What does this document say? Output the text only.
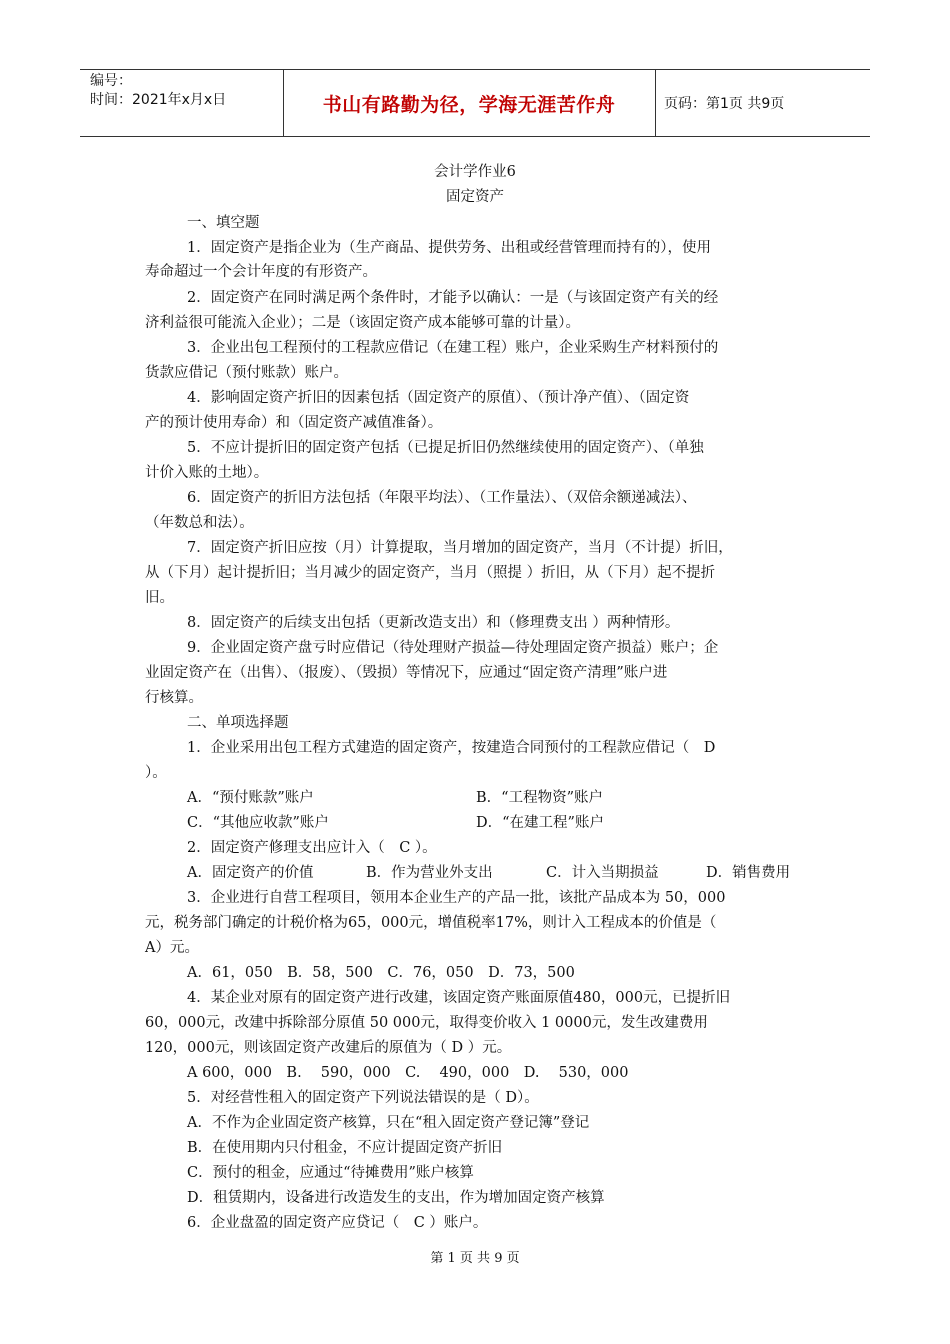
编号：
时间：2021年x月x日	书山有路勤为径，学海无涯苦作舟	页码：第1页 共9页
会计学作业6
固定资产
一、填空题
1．固定资产是指企业为（生产商品、提供劳务、出租或经营管理而持有的），使用
寿命超过一个会计年度的有形资产。
2．固定资产在同时满足两个条件时，才能予以确认：一是（与该固定资产有关的经
济利益很可能流入企业）；二是（该固定资产成本能够可靠的计量）。
3．企业出包工程预付的工程款应借记（在建工程）账户，企业采购生产材料预付的
货款应借记（预付账款）账户。
4．影响固定资产折旧的因素包括（固定资产的原值）、（预计净产值）、（固定资
产的预计使用寿命）和（固定资产减值准备）。
5．不应计提折旧的固定资产包括（已提足折旧仍然继续使用的固定资产）、（单独
计价入账的土地）。
6．固定资产的折旧方法包括（年限平均法）、（工作量法）、（双倍余额递减法）、
（年数总和法）。
7．固定资产折旧应按（月）计算提取，当月增加的固定资产，当月（不计提）折旧，
从（下月）起计提折旧；当月减少的固定资产，当月（照提 ）折旧，从（下月）起不提折
旧。
8．固定资产的后续支出包括（更新改造支出）和（修理费支出 ）两种情形。
9．企业固定资产盘亏时应借记（待处理财产损益—待处理固定资产损益）账户；企
业固定资产在（出售）、（报废）、（毁损）等情况下，应通过“固定资产清理”账户进
行核算。
二、单项选择题
1．企业采用出包工程方式建造的固定资产，按建造合同预付的工程款应借记（　D
）。
A．“预付账款”账户	B．“工程物资”账户
C．“其他应收款”账户	D．“在建工程”账户
2．固定资产修理支出应计入（　C ）。
A．固定资产的价值	B．作为营业外支出	C．计入当期损益	D．销售费用
3．企业进行自营工程项目，领用本企业生产的产品一批，该批产品成本为 50，000
元，税务部门确定的计税价格为65，000元，增值税率17%，则计入工程成本的价值是（
A）元。
A．61，050　B．58，500　C．76，050　D．73，500
4．某企业对原有的固定资产进行改建，该固定资产账面原值480，000元，已提折旧
60，000元，改建中拆除部分原值 50 000元，取得变价收入 1 0000元，发生改建费用
120，000元，则该固定资产改建后的原值为（ D ）元。
A 600，000　B.　 590，000　C.　 490，000　D.　 530，000
5．对经营性租入的固定资产下列说法错误的是（ D）。
A．不作为企业固定资产核算，只在“租入固定资产登记簿”登记
B．在使用期内只付租金，不应计提固定资产折旧
C．预付的租金，应通过“待摊费用”账户核算
D．租赁期内，设备进行改造发生的支出，作为增加固定资产核算
6．企业盘盈的固定资产应贷记（　C ）账户。
第 1 页 共 9 页
